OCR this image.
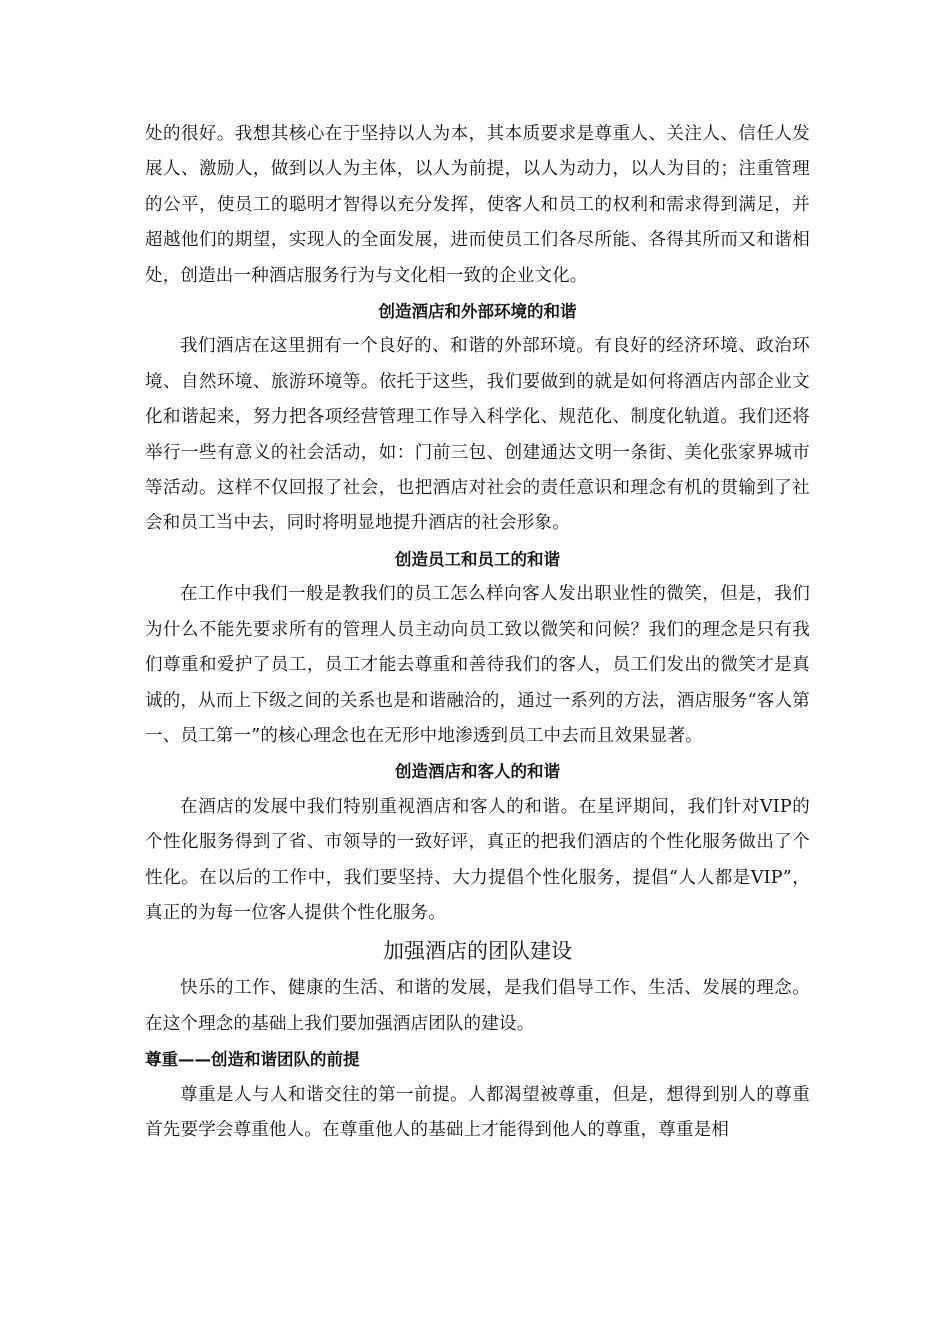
处的很好。我想其核心在于坚持以人为本，其本质要求是尊重人、关注人、信任人发展人、激励人，做到以人为主体，以人为前提，以人为动力，以人为目的；注重管理的公平，使员工的聪明才智得以充分发挥，使客人和员工的权利和需求得到满足，并超越他们的期望，实现人的全面发展，进而使员工们各尽所能、各得其所而又和谐相处，创造出一种酒店服务行为与文化相一致的企业文化。

创造酒店和外部环境的和谐

我们酒店在这里拥有一个良好的、和谐的外部环境。有良好的经济环境、政治环境、自然环境、旅游环境等。依托于这些，我们要做到的就是如何将酒店内部企业文化和谐起来，努力把各项经营管理工作导入科学化、规范化、制度化轨道。我们还将举行一些有意义的社会活动，如：门前三包、创建通达文明一条街、美化张家界城市等活动。这样不仅回报了社会，也把酒店对社会的责任意识和理念有机的贯输到了社会和员工当中去，同时将明显地提升酒店的社会形象。

创造员工和员工的和谐

在工作中我们一般是教我们的员工怎么样向客人发出职业性的微笑，但是，我们为什么不能先要求所有的管理人员主动向员工致以微笑和问候？我们的理念是只有我们尊重和爱护了员工，员工才能去尊重和善待我们的客人，员工们发出的微笑才是真诚的，从而上下级之间的关系也是和谐融洽的，通过一系列的方法，酒店服务“客人第一、员工第一”的核心理念也在无形中地渗透到员工中去而且效果显著。

创造酒店和客人的和谐

在酒店的发展中我们特别重视酒店和客人的和谐。在星评期间，我们针对VIP的个性化服务得到了省、市领导的一致好评，真正的把我们酒店的个性化服务做出了个性化。在以后的工作中，我们要坚持、大力提倡个性化服务，提倡“人人都是VIP”，真正的为每一位客人提供个性化服务。

加强酒店的团队建设

快乐的工作、健康的生活、和谐的发展，是我们倡导工作、生活、发展的理念。在这个理念的基础上我们要加强酒店团队的建设。

尊重——创造和谐团队的前提

尊重是人与人和谐交往的第一前提。人都渴望被尊重，但是，想得到别人的尊重首先要学会尊重他人。在尊重他人的基础上才能得到他人的尊重，尊重是相
